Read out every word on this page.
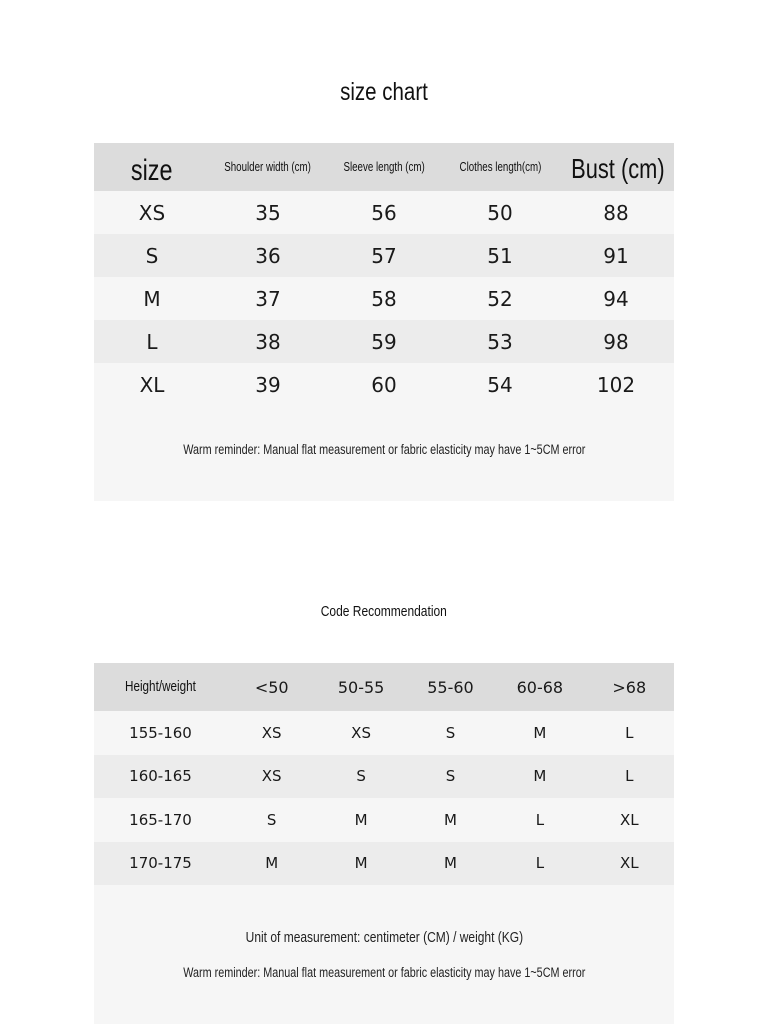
size chart
size	Shoulder width (cm)	Sleeve length (cm)	Clothes length(cm)	Bust (cm)
XS	35	56	50	88
S	36	57	51	91
M	37	58	52	94
L	38	59	53	98
XL	39	60	54	102
Warm reminder: Manual flat measurement or fabric elasticity may have 1~5CM error
Code Recommendation
Height/weight	<50	50-55	55-60	60-68	>68
155-160	XS	XS	S	M	L
160-165	XS	S	S	M	L
165-170	S	M	M	L	XL
170-175	M	M	M	L	XL
Unit of measurement: centimeter (CM) / weight (KG)
Warm reminder: Manual flat measurement or fabric elasticity may have 1~5CM error
